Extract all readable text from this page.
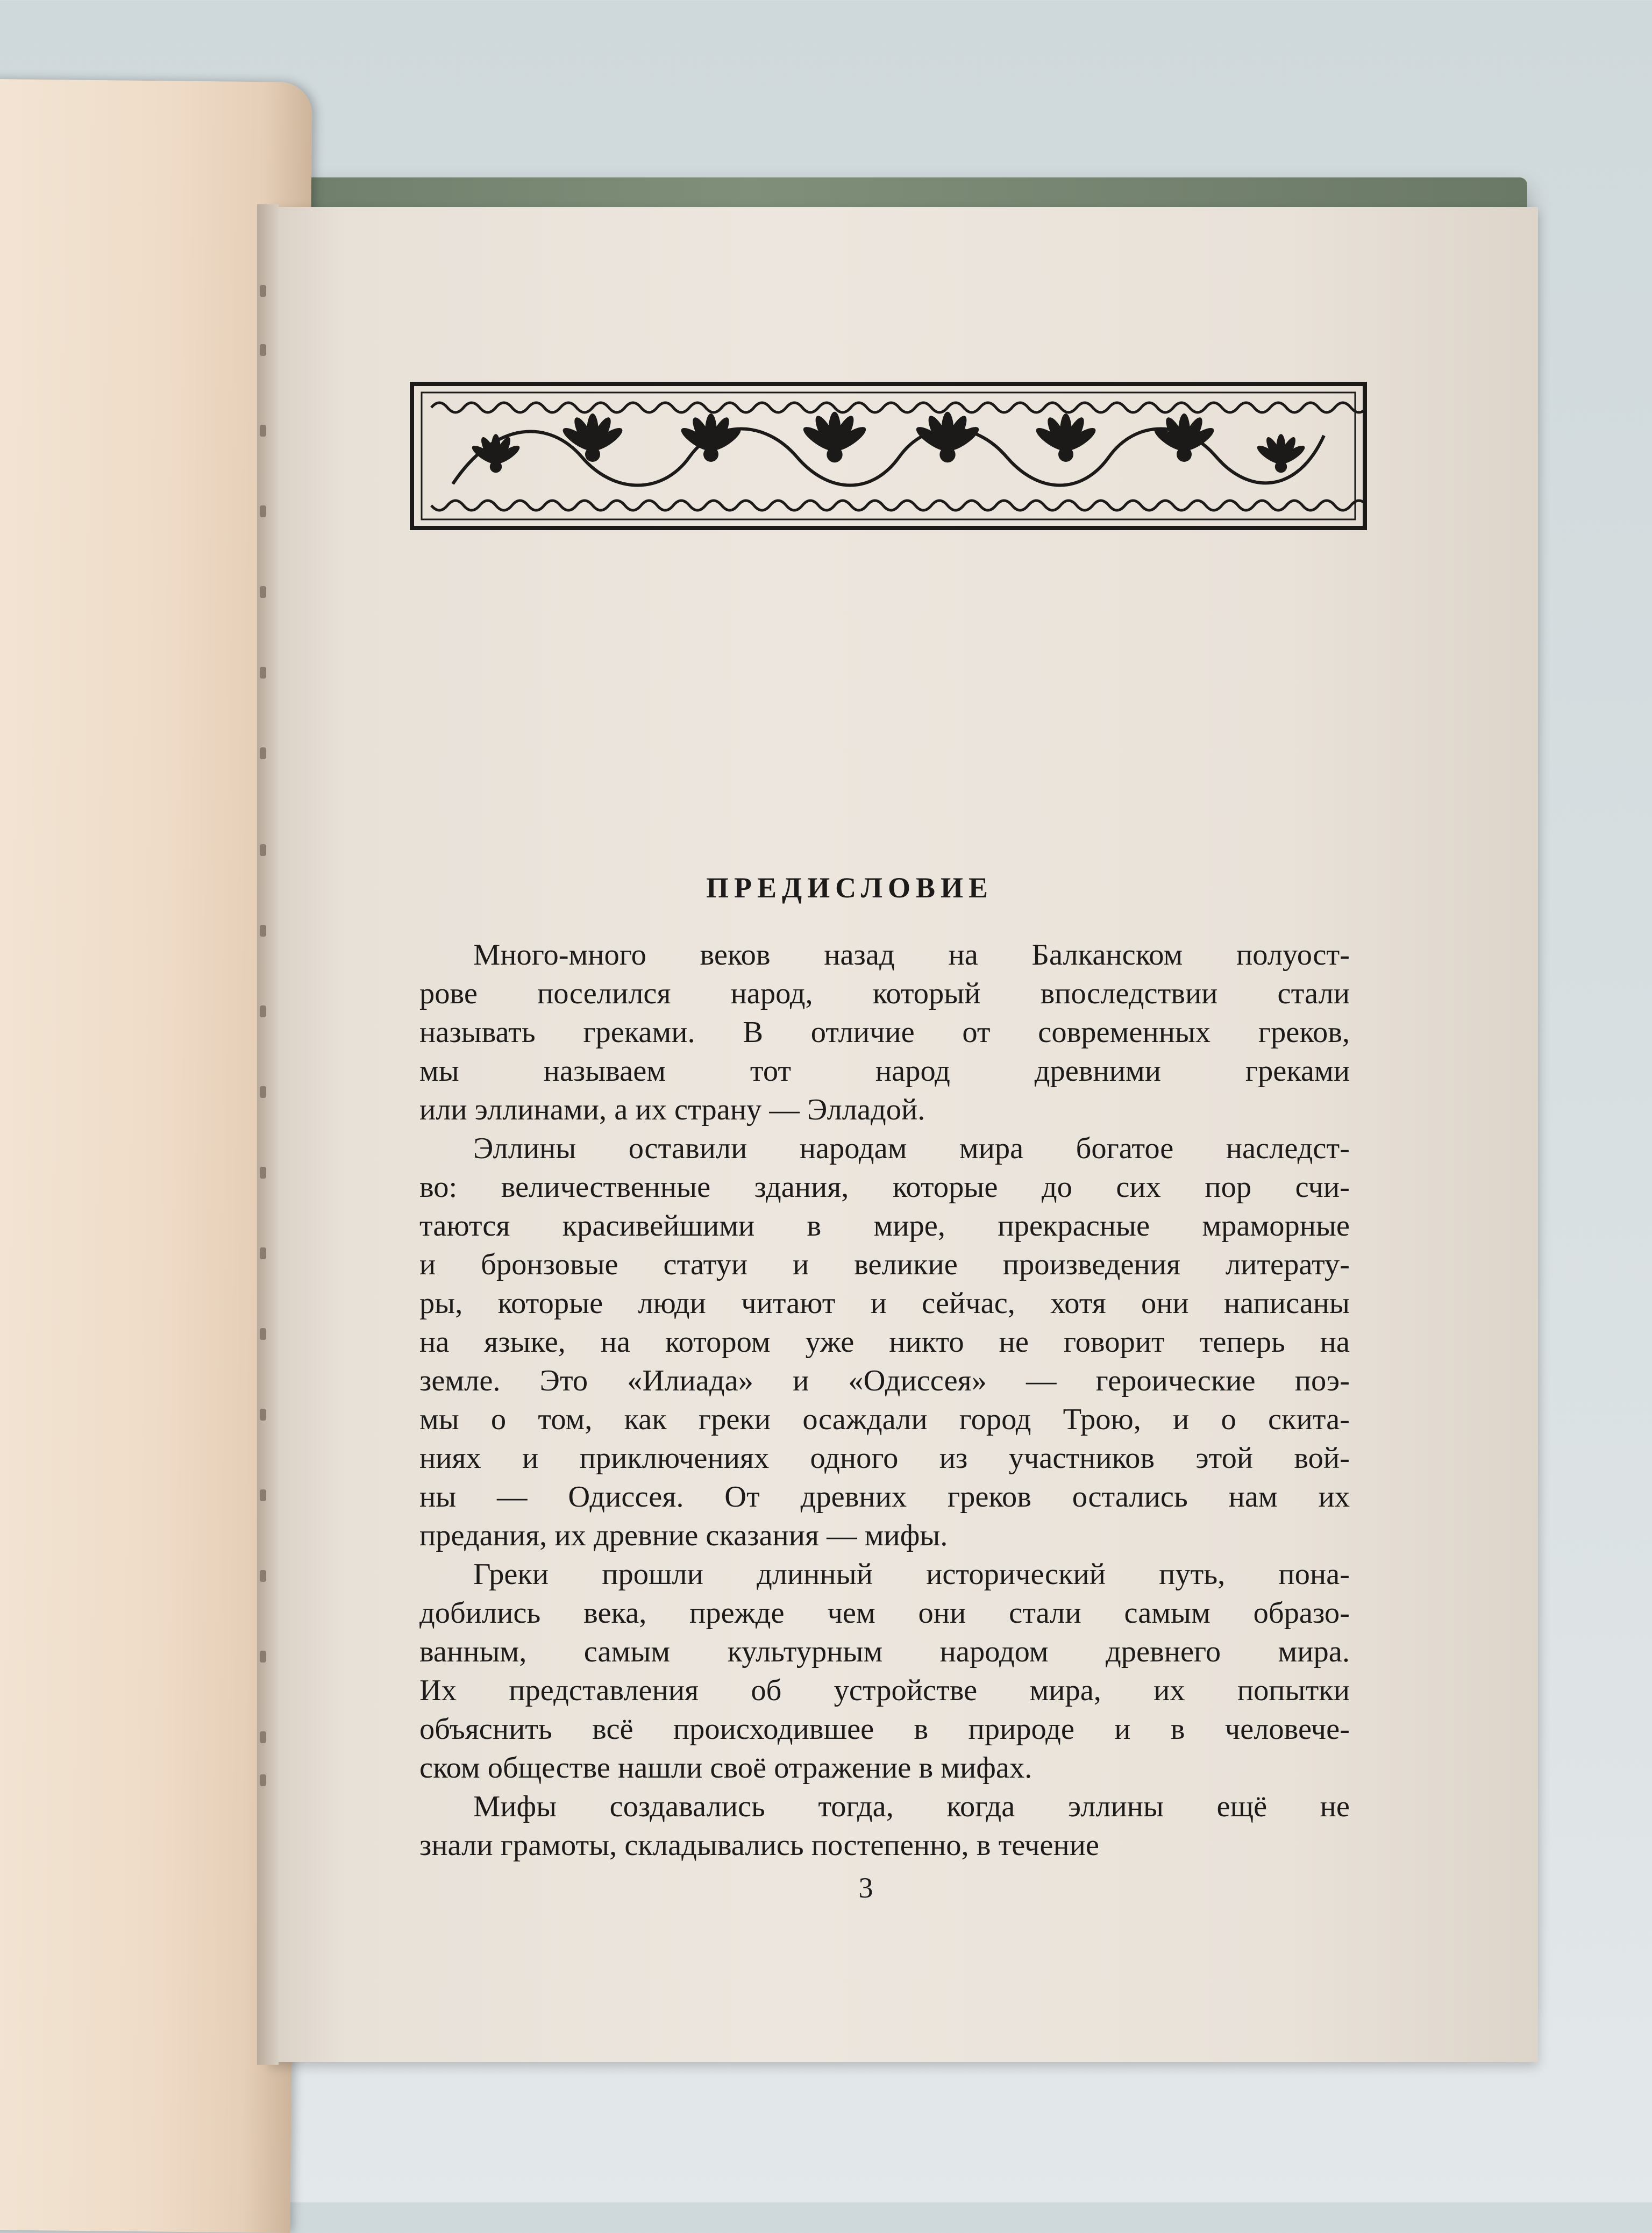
ПРЕДИСЛОВИЕ
Много-много веков назад на Балканском полуост-
рове поселился народ, который впоследствии стали
называть греками. В отличие от современных греков,
мы называем тот народ древними греками
или эллинами, а их страну — Элладой.
Эллины оставили народам мира богатое наследст-
во: величественные здания, которые до сих пор счи-
таются красивейшими в мире, прекрасные мраморные
и бронзовые статуи и великие произведения литерату-
ры, которые люди читают и сейчас, хотя они написаны
на языке, на котором уже никто не говорит теперь на
земле. Это «Илиада» и «Одиссея» — героические поэ-
мы о том, как греки осаждали город Трою, и о скита-
ниях и приключениях одного из участников этой вой-
ны — Одиссея. От древних греков остались нам их
предания, их древние сказания — мифы.
Греки прошли длинный исторический путь, пона-
добились века, прежде чем они стали самым образо-
ванным, самым культурным народом древнего мира.
Их представления об устройстве мира, их попытки
объяснить всё происходившее в природе и в человече-
ском обществе нашли своё отражение в мифах.
Мифы создавались тогда, когда эллины ещё не
знали грамоты, складывались постепенно, в течение
3
